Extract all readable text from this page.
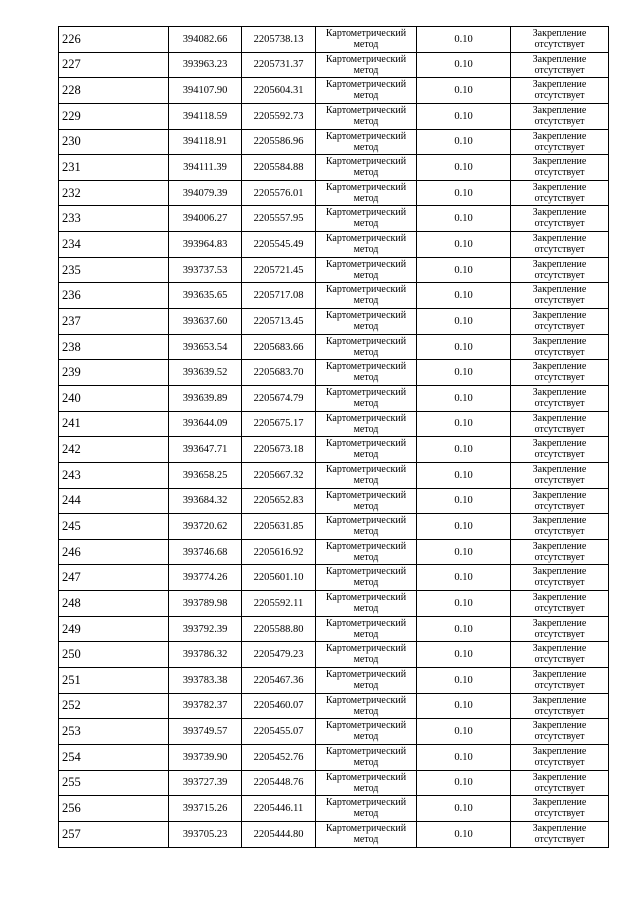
226	394082.66	2205738.13	Картометрический
метод	0.10	Закрепление
отсутствует

227	393963.23	2205731.37	Картометрический
метод	0.10	Закрепление
отсутствует

228	394107.90	2205604.31	Картометрический
метод	0.10	Закрепление
отсутствует

229	394118.59	2205592.73	Картометрический
метод	0.10	Закрепление
отсутствует

230	394118.91	2205586.96	Картометрический
метод	0.10	Закрепление
отсутствует

231	394111.39	2205584.88	Картометрический
метод	0.10	Закрепление
отсутствует

232	394079.39	2205576.01	Картометрический
метод	0.10	Закрепление
отсутствует

233	394006.27	2205557.95	Картометрический
метод	0.10	Закрепление
отсутствует

234	393964.83	2205545.49	Картометрический
метод	0.10	Закрепление
отсутствует

235	393737.53	2205721.45	Картометрический
метод	0.10	Закрепление
отсутствует

236	393635.65	2205717.08	Картометрический
метод	0.10	Закрепление
отсутствует

237	393637.60	2205713.45	Картометрический
метод	0.10	Закрепление
отсутствует

238	393653.54	2205683.66	Картометрический
метод	0.10	Закрепление
отсутствует

239	393639.52	2205683.70	Картометрический
метод	0.10	Закрепление
отсутствует

240	393639.89	2205674.79	Картометрический
метод	0.10	Закрепление
отсутствует

241	393644.09	2205675.17	Картометрический
метод	0.10	Закрепление
отсутствует

242	393647.71	2205673.18	Картометрический
метод	0.10	Закрепление
отсутствует

243	393658.25	2205667.32	Картометрический
метод	0.10	Закрепление
отсутствует

244	393684.32	2205652.83	Картометрический
метод	0.10	Закрепление
отсутствует

245	393720.62	2205631.85	Картометрический
метод	0.10	Закрепление
отсутствует

246	393746.68	2205616.92	Картометрический
метод	0.10	Закрепление
отсутствует

247	393774.26	2205601.10	Картометрический
метод	0.10	Закрепление
отсутствует

248	393789.98	2205592.11	Картометрический
метод	0.10	Закрепление
отсутствует

249	393792.39	2205588.80	Картометрический
метод	0.10	Закрепление
отсутствует

250	393786.32	2205479.23	Картометрический
метод	0.10	Закрепление
отсутствует

251	393783.38	2205467.36	Картометрический
метод	0.10	Закрепление
отсутствует

252	393782.37	2205460.07	Картометрический
метод	0.10	Закрепление
отсутствует

253	393749.57	2205455.07	Картометрический
метод	0.10	Закрепление
отсутствует

254	393739.90	2205452.76	Картометрический
метод	0.10	Закрепление
отсутствует

255	393727.39	2205448.76	Картометрический
метод	0.10	Закрепление
отсутствует

256	393715.26	2205446.11	Картометрический
метод	0.10	Закрепление
отсутствует

257	393705.23	2205444.80	Картометрический
метод	0.10	Закрепление
отсутствует
